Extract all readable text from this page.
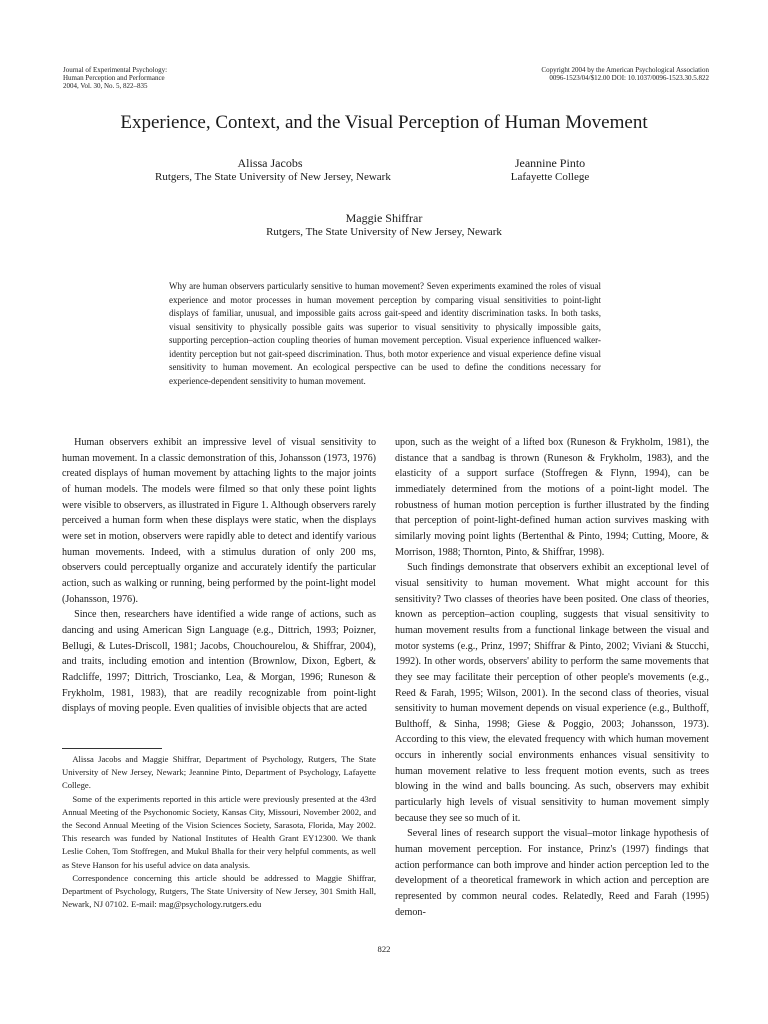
Journal of Experimental Psychology:
Human Perception and Performance
2004, Vol. 30, No. 5, 822–835
Copyright 2004 by the American Psychological Association
0096-1523/04/$12.00 DOI: 10.1037/0096-1523.30.5.822
Experience, Context, and the Visual Perception of Human Movement
Alissa Jacobs
Rutgers, The State University of New Jersey, Newark
Jeannine Pinto
Lafayette College
Maggie Shiffrar
Rutgers, The State University of New Jersey, Newark
Why are human observers particularly sensitive to human movement? Seven experiments examined the roles of visual experience and motor processes in human movement perception by comparing visual sensitivities to point-light displays of familiar, unusual, and impossible gaits across gait-speed and identity discrimination tasks. In both tasks, visual sensitivity to physically possible gaits was superior to visual sensitivity to physically impossible gaits, supporting perception–action coupling theories of human movement perception. Visual experience influenced walker-identity perception but not gait-speed discrimination. Thus, both motor experience and visual experience define visual sensitivity to human movement. An ecological perspective can be used to define the conditions necessary for experience-dependent sensitivity to human movement.

Human observers exhibit an impressive level of visual sensitivity to human movement. In a classic demonstration of this, Johansson (1973, 1976) created displays of human movement by attaching lights to the major joints of human models. The models were filmed so that only these point lights were visible to observers, as illustrated in Figure 1. Although observers rarely perceived a human form when these displays were static, when the displays were set in motion, observers were rapidly able to detect and identify various human movements. Indeed, with a stimulus duration of only 200 ms, observers could perceptually organize and accurately identify the particular action, such as walking or running, being performed by the point-light model (Johansson, 1976).

Since then, researchers have identified a wide range of actions, such as dancing and using American Sign Language (e.g., Dittrich, 1993; Poizner, Bellugi, & Lutes-Driscoll, 1981; Jacobs, Chouchourelou, & Shiffrar, 2004), and traits, including emotion and intention (Brownlow, Dixon, Egbert, & Radcliffe, 1997; Dittrich, Troscianko, Lea, & Morgan, 1996; Runeson & Frykholm, 1981, 1983), that are readily recognizable from point-light displays of moving people. Even qualities of invisible objects that are acted

upon, such as the weight of a lifted box (Runeson & Frykholm, 1981), the distance that a sandbag is thrown (Runeson & Frykholm, 1983), and the elasticity of a support surface (Stoffregen & Flynn, 1994), can be immediately determined from the motions of a point-light model. The robustness of human motion perception is further illustrated by the finding that perception of point-light-defined human action survives masking with similarly moving point lights (Bertenthal & Pinto, 1994; Cutting, Moore, & Morrison, 1988; Thornton, Pinto, & Shiffrar, 1998).

Such findings demonstrate that observers exhibit an exceptional level of visual sensitivity to human movement. What might account for this sensitivity? Two classes of theories have been posited. One class of theories, known as perception–action coupling, suggests that visual sensitivity to human movement results from a functional linkage between the visual and motor systems (e.g., Prinz, 1997; Shiffrar & Pinto, 2002; Viviani & Stucchi, 1992). In other words, observers' ability to perform the same movements that they see may facilitate their perception of other people's movements (e.g., Reed & Farah, 1995; Wilson, 2001). In the second class of theories, visual sensitivity to human movement depends on visual experience (e.g., Bulthoff, Bulthoff, & Sinha, 1998; Giese & Poggio, 2003; Johansson, 1973). According to this view, the elevated frequency with which human movement occurs in inherently social environments enhances visual sensitivity to human movement relative to less frequent motion events, such as trees blowing in the wind and balls bouncing. As such, observers may exhibit particularly high levels of visual sensitivity to human movement simply because they see so much of it.

Several lines of research support the visual–motor linkage hypothesis of human movement perception. For instance, Prinz's (1997) findings that action performance can both improve and hinder action perception led to the development of a theoretical framework in which action and perception are represented by common neural codes. Relatedly, Reed and Farah (1995) demon-

Alissa Jacobs and Maggie Shiffrar, Department of Psychology, Rutgers, The State University of New Jersey, Newark; Jeannine Pinto, Department of Psychology, Lafayette College.

Some of the experiments reported in this article were previously presented at the 43rd Annual Meeting of the Psychonomic Society, Kansas City, Missouri, November 2002, and the Second Annual Meeting of the Vision Sciences Society, Sarasota, Florida, May 2002. This research was funded by National Institutes of Health Grant EY12300. We thank Leslie Cohen, Tom Stoffregen, and Mukul Bhalla for their very helpful comments, as well as Steve Hanson for his useful advice on data analysis.

Correspondence concerning this article should be addressed to Maggie Shiffrar, Department of Psychology, Rutgers, The State University of New Jersey, 301 Smith Hall, Newark, NJ 07102. E-mail: mag@psychology.rutgers.edu

822
